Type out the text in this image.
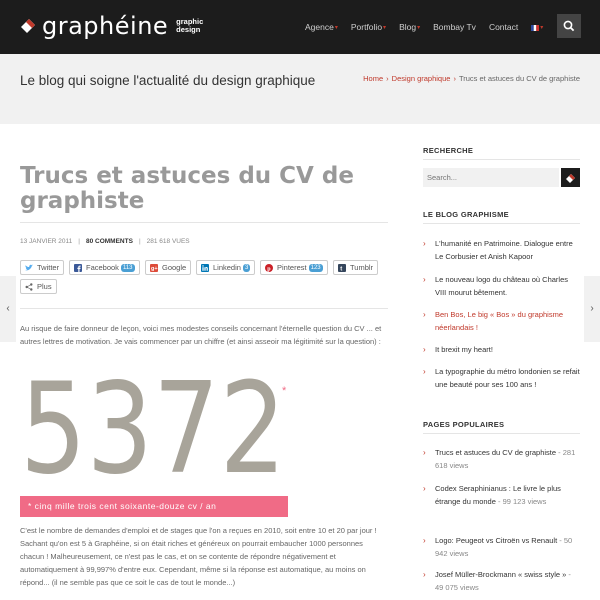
graphéine graphic
design	Agence▾ Portfolio▾ Blog▾ Bombay Tv Contact	▾
Le blog qui soigne l'actualité du design graphique	Home › Design graphique › Trucs et astuces du CV de graphiste
‹	›
Trucs et astuces du CV de graphiste
13 JANVIER 2011 | 80 COMMENTS | 281 618 VUES
Twitter	Facebook 113	g+ Google	Linkedin 3	p Pinterest 123	t Tumblr
Plus

Au risque de faire donneur de leçon, voici mes modestes conseils concernant l'éternelle question du CV ... et autres lettres de motivation. Je vais commencer par un chiffre (et ainsi asseoir ma légitimité sur la question) :

5372
*
* cinq mille trois cent soixante-douze cv / an

C'est le nombre de demandes d'emploi et de stages que l'on a reçues en 2010, soit entre 10 et 20 par jour ! Sachant qu'on est 5 à Graphéine, si on était riches et généreux on pourrait embaucher 1000 personnes chacun ! Malheureusement, ce n'est pas le cas, et on se contente de répondre négativement et automatiquement à 99,997% d'entre eux. Cependant, même si la réponse est automatique, au moins on répond... (il ne semble pas que ce soit le cas de tout le monde...)

RECHERCHE
Search...
LE BLOG GRAPHISME
› L'humanité en Patrimoine. Dialogue entre Le Corbusier et Anish Kapoor
› Le nouveau logo du château où Charles VIII mourut bêtement.
› Ben Bos, Le big « Bos » du graphisme néerlandais !
› It brexit my heart!
› La typographie du métro londonien se refait une beauté pour ses 100 ans !
PAGES POPULAIRES
› Trucs et astuces du CV de graphiste - 281 618 views
› Codex Seraphinianus : Le livre le plus étrange du monde - 99 123 views
› Logo: Peugeot vs Citroën vs Renault - 50 942 views
› Josef Müller-Brockmann « swiss style » - 49 075 views
